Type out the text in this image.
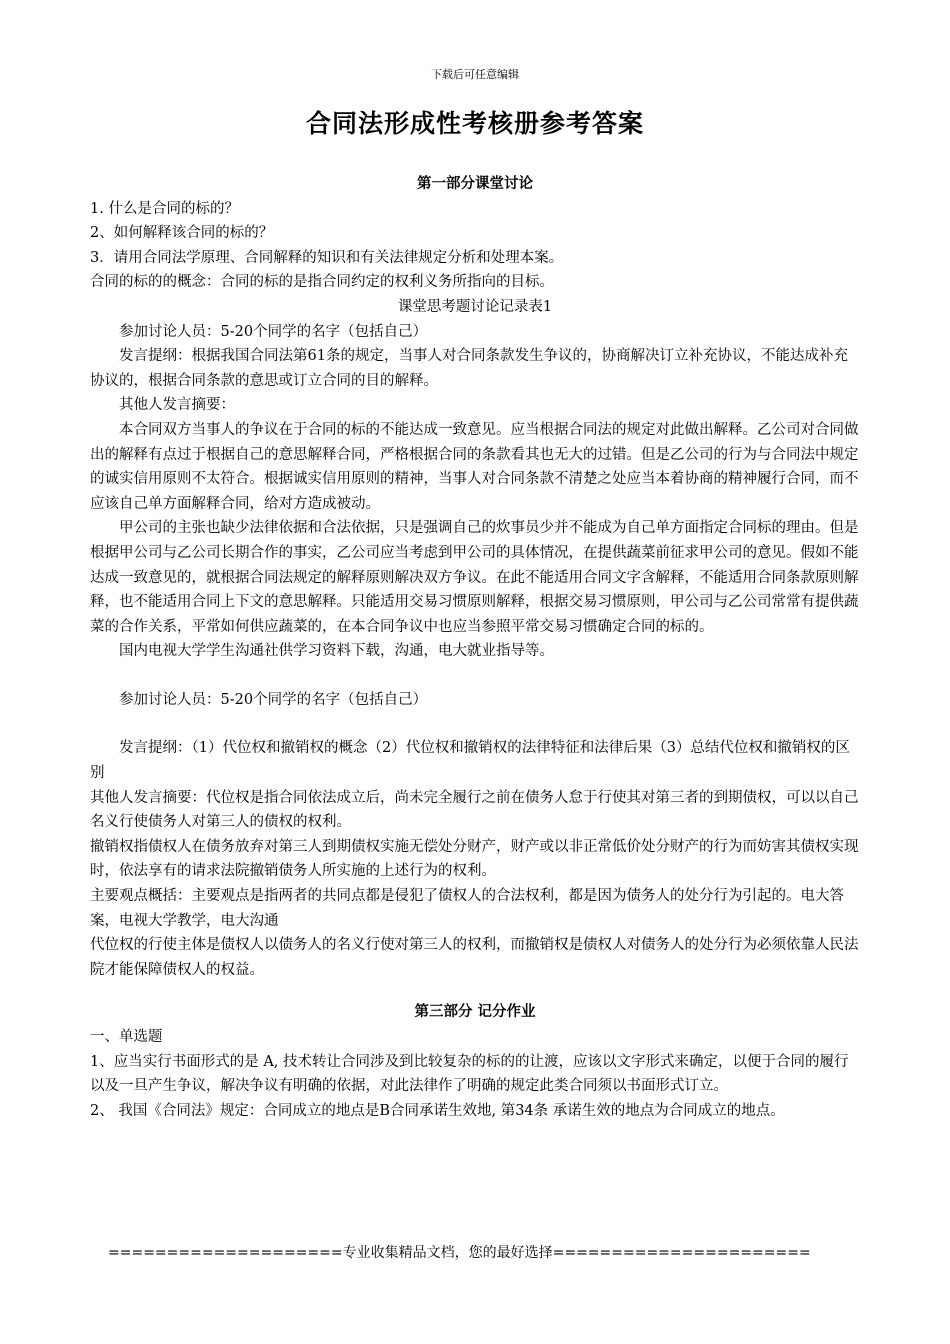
下载后可任意编辑
合同法形成性考核册参考答案

第一部分课堂讨论

1. 什么是合同的标的？

2、如何解释该合同的标的？

3．请用合同法学原理、合同解释的知识和有关法律规定分析和处理本案。

合同的标的的概念：合同的标的是指合同约定的权利义务所指向的目标。

课堂思考题讨论记录表1

参加讨论人员：5-20个同学的名字（包括自己）

发言提纲：根据我国合同法第61条的规定，当事人对合同条款发生争议的，协商解决订立补充协议，不能达成补充协议的，根据合同条款的意思或订立合同的目的解释。

其他人发言摘要：

本合同双方当事人的争议在于合同的标的不能达成一致意见。应当根据合同法的规定对此做出解释。乙公司对合同做出的解释有点过于根据自己的意思解释合同，严格根据合同的条款看其也无大的过错。但是乙公司的行为与合同法中规定的诚实信用原则不太符合。根据诚实信用原则的精神，当事人对合同条款不清楚之处应当本着协商的精神履行合同，而不应该自己单方面解释合同，给对方造成被动。

甲公司的主张也缺少法律依据和合法依据，只是强调自己的炊事员少并不能成为自己单方面指定合同标的理由。但是根据甲公司与乙公司长期合作的事实，乙公司应当考虑到甲公司的具体情况，在提供蔬菜前征求甲公司的意见。假如不能达成一致意见的，就根据合同法规定的解释原则解决双方争议。在此不能适用合同文字含解释，不能适用合同条款原则解释，也不能适用合同上下文的意思解释。只能适用交易习惯原则解释，根据交易习惯原则，甲公司与乙公司常常有提供蔬菜的合作关系，平常如何供应蔬菜的，在本合同争议中也应当参照平常交易习惯确定合同的标的。

国内电视大学学生沟通社供学习资料下载，沟通，电大就业指导等。

参加讨论人员：5-20个同学的名字（包括自己）

发言提纲：（1）代位权和撤销权的概念（2）代位权和撤销权的法律特征和法律后果（3）总结代位权和撤销权的区别

其他人发言摘要：代位权是指合同依法成立后，尚未完全履行之前在债务人怠于行使其对第三者的到期债权，可以以自己名义行使债务人对第三人的债权的权利。

撤销权指债权人在债务放弃对第三人到期债权实施无偿处分财产，财产或以非正常低价处分财产的行为而妨害其债权实现时，依法享有的请求法院撤销债务人所实施的上述行为的权利。

主要观点概括：主要观点是指两者的共同点都是侵犯了债权人的合法权利，都是因为债务人的处分行为引起的。电大答案，电视大学教学，电大沟通

代位权的行使主体是债权人以债务人的名义行使对第三人的权利，而撤销权是债权人对债务人的处分行为必须依靠人民法院才能保障债权人的权益。

第三部分 记分作业

一、单选题

1、应当实行书面形式的是 A, 技术转让合同涉及到比较复杂的标的的让渡，应该以文字形式来确定，以便于合同的履行以及一旦产生争议，解决争议有明确的依据，对此法律作了明确的规定此类合同须以书面形式订立。

2、 我国《合同法》规定：合同成立的地点是B合同承诺生效地, 第34条 承诺生效的地点为合同成立的地点。

====================专业收集精品文档，您的最好选择======================
